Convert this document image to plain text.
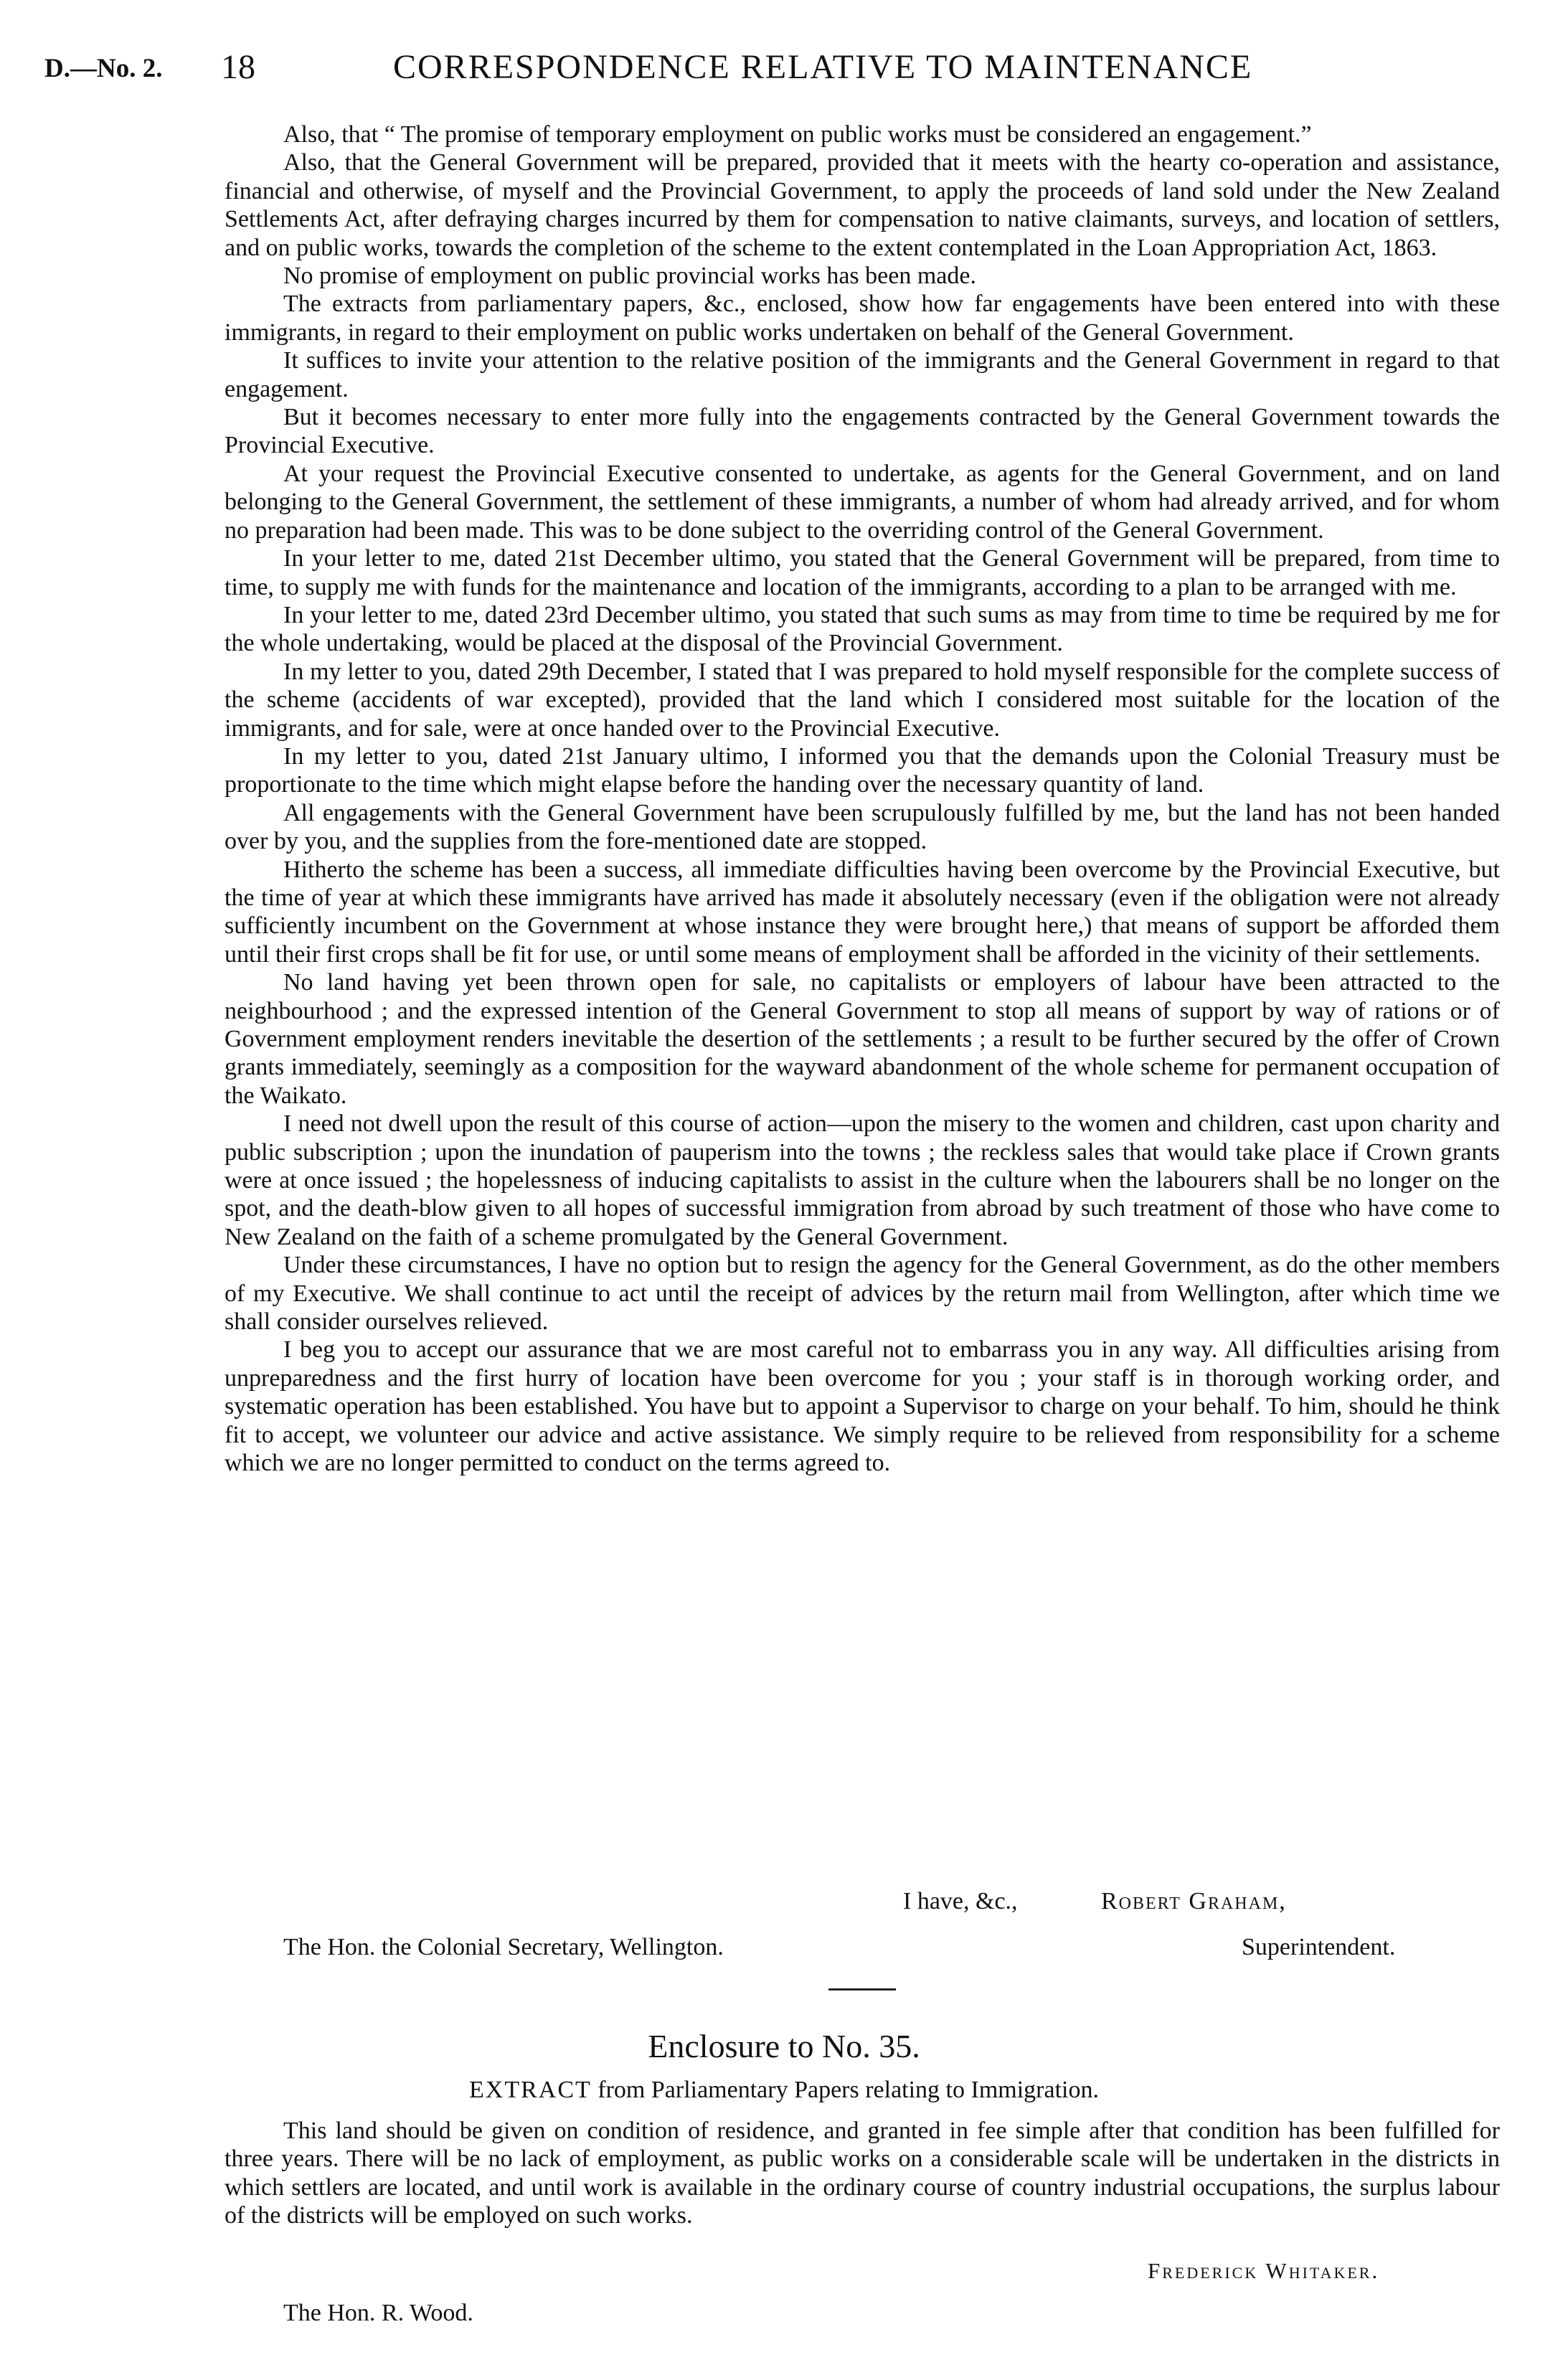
D.—No. 2. 18	CORRESPONDENCE RELATIVE TO MAINTENANCE

Also, that “ The promise of temporary employment on public works must be considered an engagement.”

Also, that the General Government will be prepared, provided that it meets with the hearty co-operation and assistance, financial and otherwise, of myself and the Provincial Government, to apply the proceeds of land sold under the New Zealand Settlements Act, after defraying charges incurred by them for compensation to native claimants, surveys, and location of settlers, and on public works, towards the completion of the scheme to the extent contemplated in the Loan Appropriation Act, 1863.

No promise of employment on public provincial works has been made.

The extracts from parliamentary papers, &c., enclosed, show how far engagements have been entered into with these immigrants, in regard to their employment on public works undertaken on behalf of the General Government.

It suffices to invite your attention to the relative position of the immigrants and the General Government in regard to that engagement.

But it becomes necessary to enter more fully into the engagements contracted by the General Government towards the Provincial Executive.

At your request the Provincial Executive consented to undertake, as agents for the General Government, and on land belonging to the General Government, the settlement of these immigrants, a number of whom had already arrived, and for whom no preparation had been made. This was to be done subject to the overriding control of the General Government.

In your letter to me, dated 21st December ultimo, you stated that the General Government will be prepared, from time to time, to supply me with funds for the maintenance and location of the immigrants, according to a plan to be arranged with me.

In your letter to me, dated 23rd December ultimo, you stated that such sums as may from time to time be required by me for the whole undertaking, would be placed at the disposal of the Provincial Government.

In my letter to you, dated 29th December, I stated that I was prepared to hold myself responsible for the complete success of the scheme (accidents of war excepted), provided that the land which I considered most suitable for the location of the immigrants, and for sale, were at once handed over to the Provincial Executive.

In my letter to you, dated 21st January ultimo, I informed you that the demands upon the Colonial Treasury must be proportionate to the time which might elapse before the handing over the necessary quantity of land.

All engagements with the General Government have been scrupulously fulfilled by me, but the land has not been handed over by you, and the supplies from the fore-mentioned date are stopped.

Hitherto the scheme has been a success, all immediate difficulties having been overcome by the Provincial Executive, but the time of year at which these immigrants have arrived has made it absolutely necessary (even if the obligation were not already sufficiently incumbent on the Government at whose instance they were brought here,) that means of support be afforded them until their first crops shall be fit for use, or until some means of employment shall be afforded in the vicinity of their settlements.

No land having yet been thrown open for sale, no capitalists or employers of labour have been attracted to the neighbourhood ; and the expressed intention of the General Government to stop all means of support by way of rations or of Government employment renders inevitable the desertion of the settlements ; a result to be further secured by the offer of Crown grants immediately, seemingly as a composition for the wayward abandonment of the whole scheme for permanent occupation of the Waikato.

I need not dwell upon the result of this course of action—upon the misery to the women and children, cast upon charity and public subscription ; upon the inundation of pauperism into the towns ; the reckless sales that would take place if Crown grants were at once issued ; the hopelessness of inducing capitalists to assist in the culture when the labourers shall be no longer on the spot, and the death-blow given to all hopes of successful immigration from abroad by such treatment of those who have come to New Zealand on the faith of a scheme promulgated by the General Government.

Under these circumstances, I have no option but to resign the agency for the General Government, as do the other members of my Executive. We shall continue to act until the receipt of advices by the return mail from Wellington, after which time we shall consider ourselves relieved.

I beg you to accept our assurance that we are most careful not to embarrass you in any way. All difficulties arising from unpreparedness and the first hurry of location have been overcome for you ; your staff is in thorough working order, and systematic operation has been established. You have but to appoint a Supervisor to charge on your behalf. To him, should he think fit to accept, we volunteer our advice and active assistance. We simply require to be relieved from responsibility for a scheme which we are no longer permitted to conduct on the terms agreed to.

I have, &c.,	Robert Graham,
The Hon. the Colonial Secretary, Wellington.	Superintendent.
Enclosure to No. 35.
EXTRACT from Parliamentary Papers relating to Immigration.

This land should be given on condition of residence, and granted in fee simple after that condition has been fulfilled for three years. There will be no lack of employment, as public works on a considerable scale will be undertaken in the districts in which settlers are located, and until work is available in the ordinary course of country industrial occupations, the surplus labour of the districts will be employed on such works.

Frederick Whitaker.
The Hon. R. Wood.
